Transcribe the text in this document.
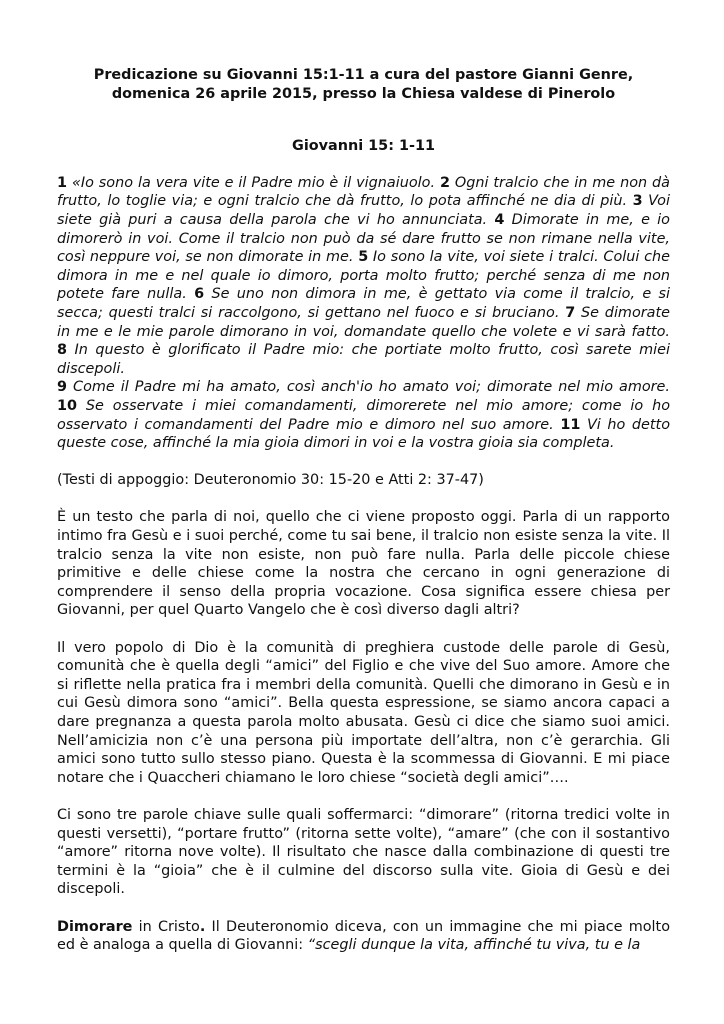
Predicazione su Giovanni 15:1-11 a cura del pastore Gianni Genre,

domenica 26 aprile 2015, presso la Chiesa valdese di Pinerolo

Giovanni 15: 1-11

1 «Io sono la vera vite e il Padre mio è il vignaiuolo. 2 Ogni tralcio che in me non dà frutto, lo toglie via; e ogni tralcio che dà frutto, lo pota affinché ne dia di più. 3 Voi siete già puri a causa della parola che vi ho annunciata. 4 Dimorate in me, e io dimorerò in voi. Come il tralcio non può da sé dare frutto se non rimane nella vite, così neppure voi, se non dimorate in me. 5 Io sono la vite, voi siete i tralci. Colui che dimora in me e nel quale io dimoro, porta molto frutto; perché senza di me non potete fare nulla. 6 Se uno non dimora in me, è gettato via come il tralcio, e si secca; questi tralci si raccolgono, si gettano nel fuoco e si bruciano. 7 Se dimorate in me e le mie parole dimorano in voi, domandate quello che volete e vi sarà fatto. 8 In questo è glorificato il Padre mio: che portiate molto frutto, così sarete miei discepoli.

9 Come il Padre mi ha amato, così anch'io ho amato voi; dimorate nel mio amore. 10 Se osservate i miei comandamenti, dimorerete nel mio amore; come io ho osservato i comandamenti del Padre mio e dimoro nel suo amore. 11 Vi ho detto queste cose, affinché la mia gioia dimori in voi e la vostra gioia sia completa.

(Testi di appoggio: Deuteronomio 30: 15-20 e Atti 2: 37-47)

È un testo che parla di noi, quello che ci viene proposto oggi. Parla di un rapporto intimo fra Gesù e i suoi perché, come tu sai bene, il tralcio non esiste senza la vite. Il tralcio senza la vite non esiste, non può fare nulla. Parla delle piccole chiese primitive e delle chiese come la nostra che cercano in ogni generazione di comprendere il senso della propria vocazione. Cosa significa essere chiesa per Giovanni, per quel Quarto Vangelo che è così diverso dagli altri?

Il vero popolo di Dio è la comunità di preghiera custode delle parole di Gesù, comunità che è quella degli “amici” del Figlio e che vive del Suo amore. Amore che si riflette nella pratica fra i membri della comunità. Quelli che dimorano in Gesù e in cui Gesù dimora sono “amici”. Bella questa espressione, se siamo ancora capaci a dare pregnanza a questa parola molto abusata. Gesù ci dice che siamo suoi amici. Nell’amicizia non c’è una persona più importate dell’altra, non c’è gerarchia. Gli amici sono tutto sullo stesso piano. Questa è la scommessa di Giovanni. E mi piace notare che i Quaccheri chiamano le loro chiese “società degli amici”….

Ci sono tre parole chiave sulle quali soffermarci: “dimorare” (ritorna tredici volte in questi versetti), “portare frutto” (ritorna sette volte), “amare” (che con il sostantivo “amore” ritorna nove volte). Il risultato che nasce dalla combinazione di questi tre termini è la “gioia” che è il culmine del discorso sulla vite. Gioia di Gesù e dei discepoli.

Dimorare in Cristo. Il Deuteronomio diceva, con un immagine che mi piace molto ed è analoga a quella di Giovanni: “scegli dunque la vita, affinché tu viva, tu e la
